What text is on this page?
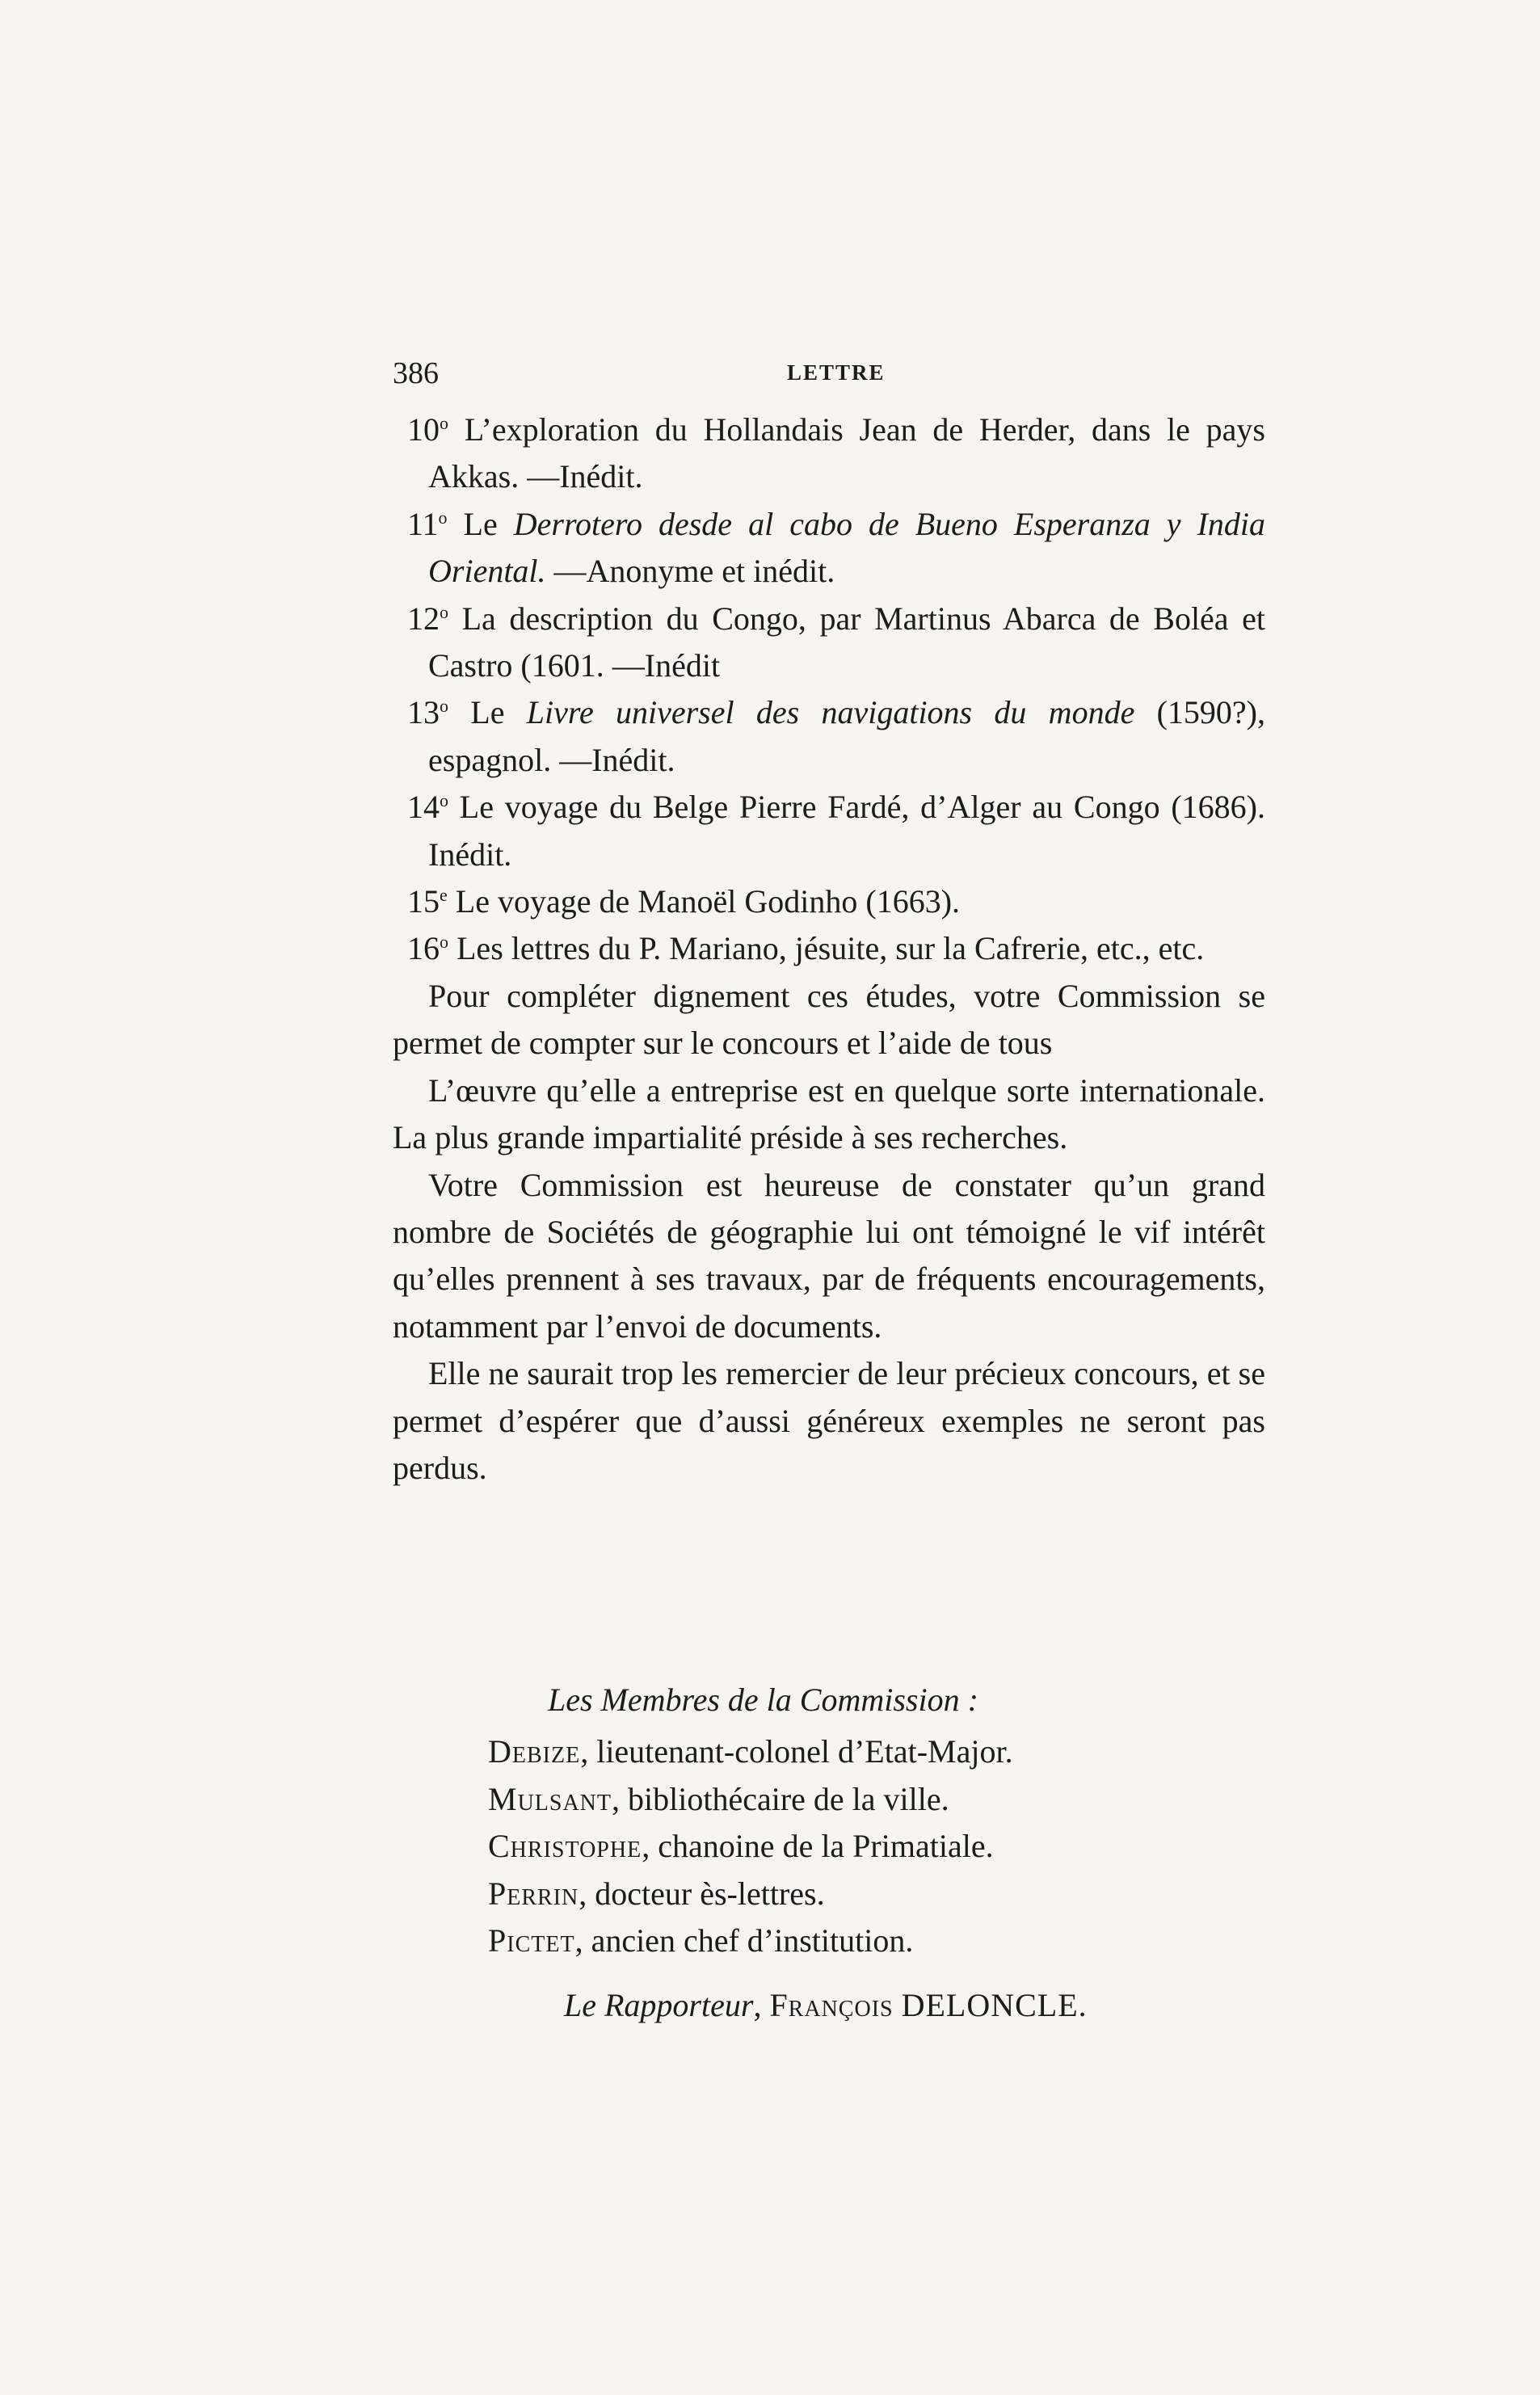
386	LETTRE

10$^o$ L’exploration du Hollandais Jean de Herder, dans le pays Akkas. —Inédit.

11$^o$ Le Derrotero desde al cabo de Bueno Esperanza y India Oriental. —Anonyme et inédit.

12$^o$ La description du Congo, par Martinus Abarca de Boléa et Castro (1601. —Inédit

13$^o$ Le Livre universel des navigations du monde (1590?), espagnol. —Inédit.

14$^o$ Le voyage du Belge Pierre Fardé, d’Alger au Congo (1686). Inédit.

15e Le voyage de Manoël Godinho (1663).

16$^o$ Les lettres du P. Mariano, jésuite, sur la Cafrerie, etc., etc.

Pour compléter dignement ces études, votre Commission se permet de compter sur le concours et l’aide de tous

L’œuvre qu’elle a entreprise est en quelque sorte internationale. La plus grande impartialité préside à ses recherches.

Votre Commission est heureuse de constater qu’un grand nombre de Sociétés de géographie lui ont témoigné le vif intérêt qu’elles prennent à ses travaux, par de fréquents encouragements, notamment par l’envoi de documents.

Elle ne saurait trop les remercier de leur précieux concours, et se permet d’espérer que d’aussi généreux exemples ne seront pas perdus.

Les Membres de la Commission :

Debize, lieutenant-colonel d’Etat-Major.

Mulsant, bibliothécaire de la ville.

Christophe, chanoine de la Primatiale.

Perrin, docteur ès-lettres.

Pictet, ancien chef d’institution.

Le Rapporteur, François DELONCLE.
